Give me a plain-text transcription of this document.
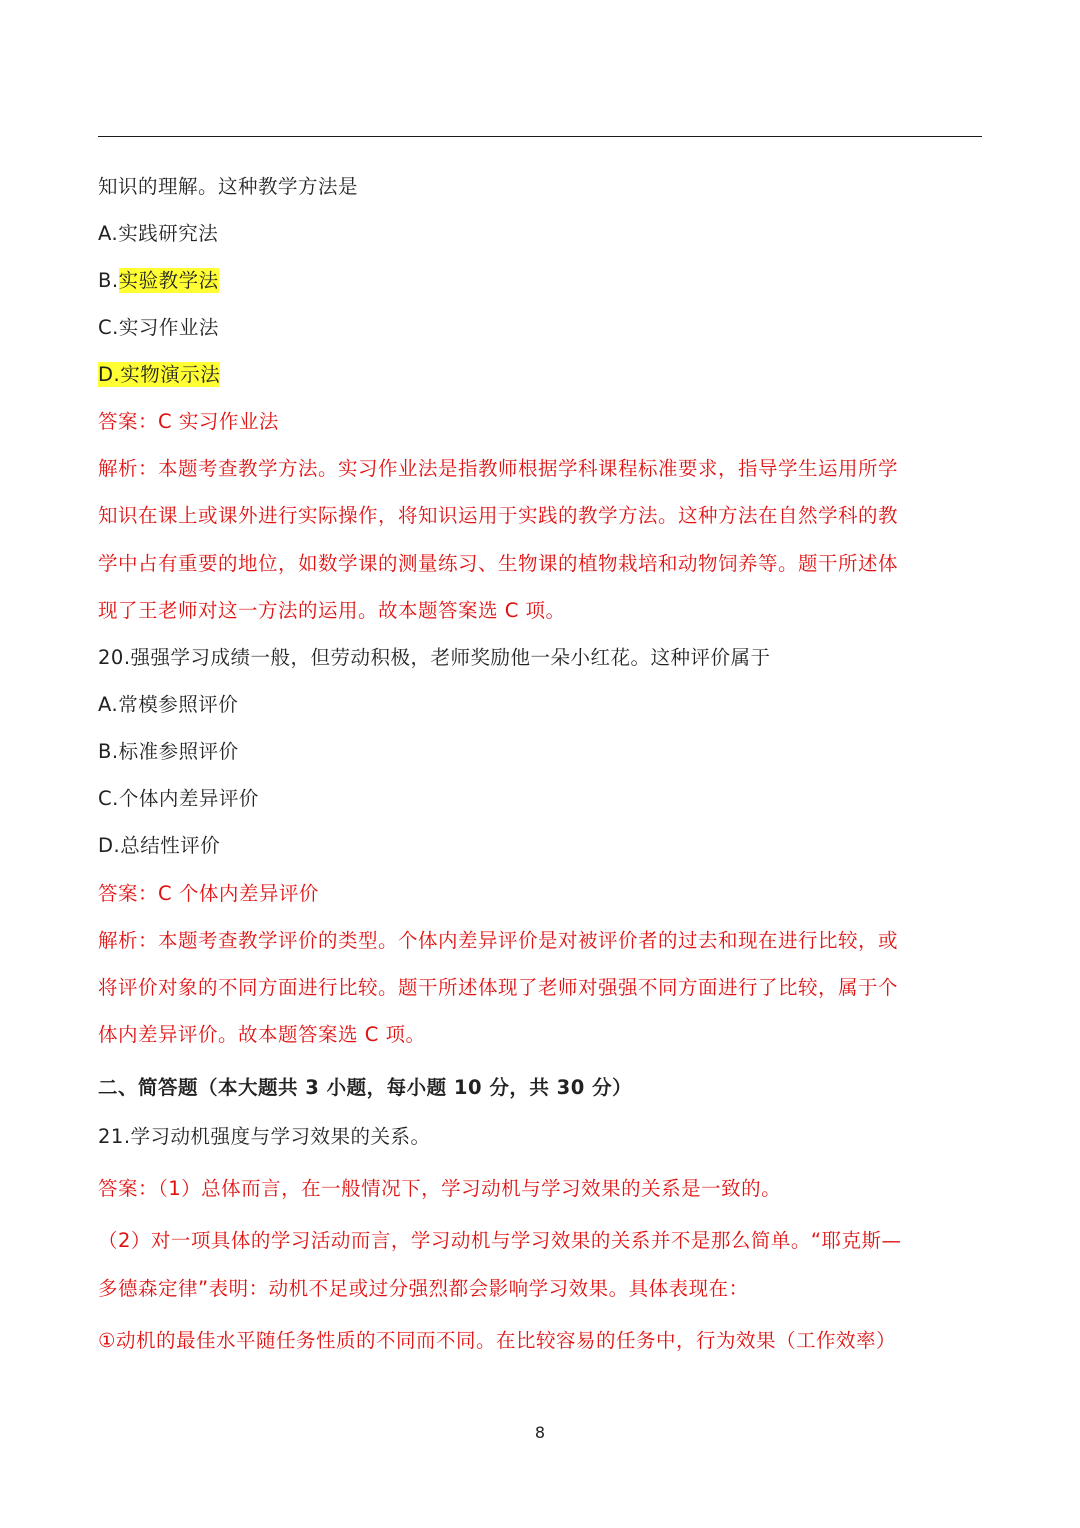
知识的理解。这种教学方法是
A.实践研究法
B.实验教学法
C.实习作业法
D.实物演示法
答案：C 实习作业法
解析：本题考查教学方法。实习作业法是指教师根据学科课程标准要求，指导学生运用所学
知识在课上或课外进行实际操作，将知识运用于实践的教学方法。这种方法在自然学科的教
学中占有重要的地位，如数学课的测量练习、生物课的植物栽培和动物饲养等。题干所述体
现了王老师对这一方法的运用。故本题答案选 C 项。
20.强强学习成绩一般，但劳动积极，老师奖励他一朵小红花。这种评价属于
A.常模参照评价
B.标准参照评价
C.个体内差异评价
D.总结性评价
答案：C 个体内差异评价
解析：本题考查教学评价的类型。个体内差异评价是对被评价者的过去和现在进行比较，或
将评价对象的不同方面进行比较。题干所述体现了老师对强强不同方面进行了比较，属于个
体内差异评价。故本题答案选 C 项。
二、简答题（本大题共 3 小题，每小题 10 分，共 30 分）
21.学习动机强度与学习效果的关系。
答案：（1）总体而言，在一般情况下，学习动机与学习效果的关系是一致的。
（2）对一项具体的学习活动而言，学习动机与学习效果的关系并不是那么简单。“耶克斯—
多德森定律”表明：动机不足或过分强烈都会影响学习效果。具体表现在：
①动机的最佳水平随任务性质的不同而不同。在比较容易的任务中，行为效果（工作效率）
8
